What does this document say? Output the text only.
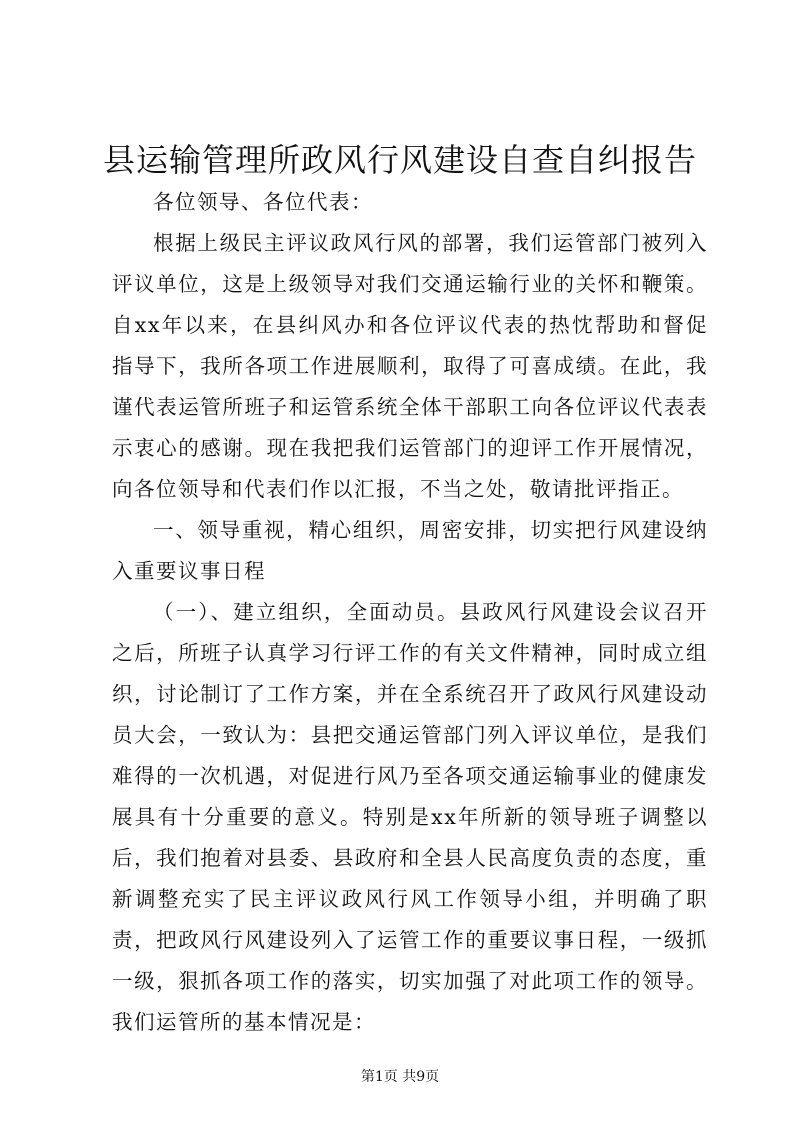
县运输管理所政风行风建设自查自纠报告

各位领导、各位代表：

根据上级民主评议政风行风的部署，我们运管部门被列入评议单位，这是上级领导对我们交通运输行业的关怀和鞭策。自xx年以来，在县纠风办和各位评议代表的热忱帮助和督促指导下，我所各项工作进展顺利，取得了可喜成绩。在此，我谨代表运管所班子和运管系统全体干部职工向各位评议代表表示衷心的感谢。现在我把我们运管部门的迎评工作开展情况，向各位领导和代表们作以汇报，不当之处，敬请批评指正。

一、领导重视，精心组织，周密安排，切实把行风建设纳入重要议事日程

（一）、建立组织，全面动员。县政风行风建设会议召开之后，所班子认真学习行评工作的有关文件精神，同时成立组织，讨论制订了工作方案，并在全系统召开了政风行风建设动员大会，一致认为：县把交通运管部门列入评议单位，是我们难得的一次机遇，对促进行风乃至各项交通运输事业的健康发展具有十分重要的意义。特别是xx年所新的领导班子调整以后，我们抱着对县委、县政府和全县人民高度负责的态度，重新调整充实了民主评议政风行风工作领导小组，并明确了职责，把政风行风建设列入了运管工作的重要议事日程，一级抓一级，狠抓各项工作的落实，切实加强了对此项工作的领导。我们运管所的基本情况是：

第1页 共9页
